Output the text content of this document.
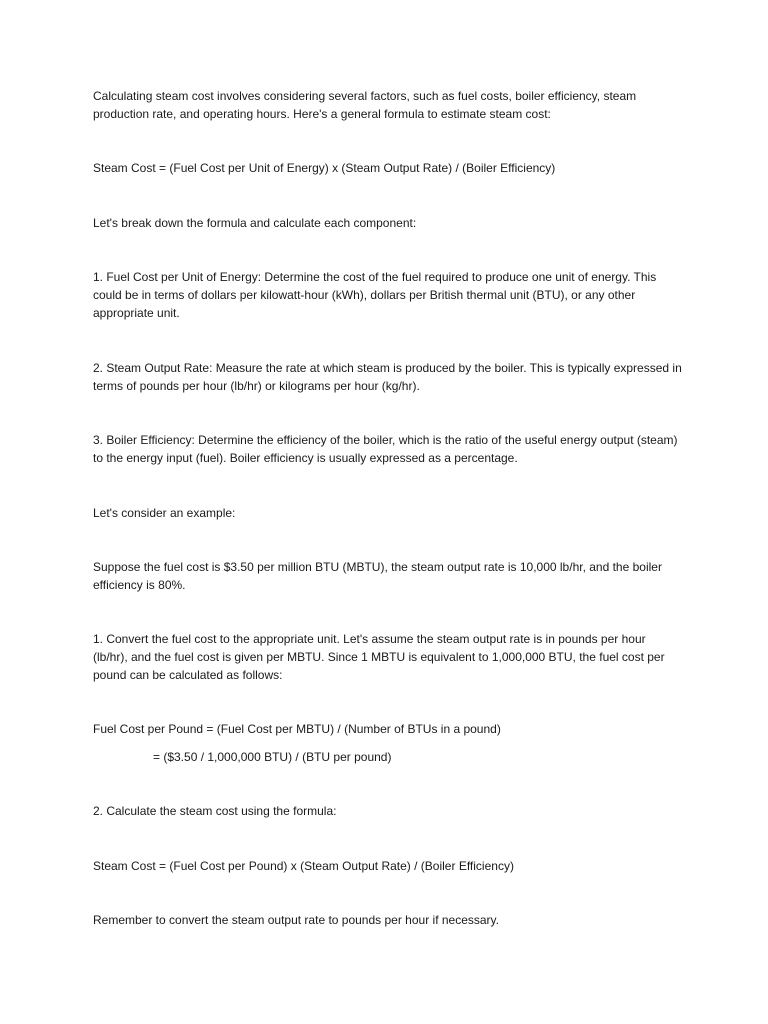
Calculating steam cost involves considering several factors, such as fuel costs, boiler efficiency, steam production rate, and operating hours. Here's a general formula to estimate steam cost:

Steam Cost = (Fuel Cost per Unit of Energy) x (Steam Output Rate) / (Boiler Efficiency)

Let's break down the formula and calculate each component:

1. Fuel Cost per Unit of Energy: Determine the cost of the fuel required to produce one unit of energy. This could be in terms of dollars per kilowatt-hour (kWh), dollars per British thermal unit (BTU), or any other appropriate unit.

2. Steam Output Rate: Measure the rate at which steam is produced by the boiler. This is typically expressed in terms of pounds per hour (lb/hr) or kilograms per hour (kg/hr).

3. Boiler Efficiency: Determine the efficiency of the boiler, which is the ratio of the useful energy output (steam) to the energy input (fuel). Boiler efficiency is usually expressed as a percentage.

Let's consider an example:

Suppose the fuel cost is $3.50 per million BTU (MBTU), the steam output rate is 10,000 lb/hr, and the boiler efficiency is 80%.

1. Convert the fuel cost to the appropriate unit. Let's assume the steam output rate is in pounds per hour (lb/hr), and the fuel cost is given per MBTU. Since 1 MBTU is equivalent to 1,000,000 BTU, the fuel cost per pound can be calculated as follows:

Fuel Cost per Pound = (Fuel Cost per MBTU) / (Number of BTUs in a pound)

= ($3.50 / 1,000,000 BTU) / (BTU per pound)

2. Calculate the steam cost using the formula:

Steam Cost = (Fuel Cost per Pound) x (Steam Output Rate) / (Boiler Efficiency)

Remember to convert the steam output rate to pounds per hour if necessary.
